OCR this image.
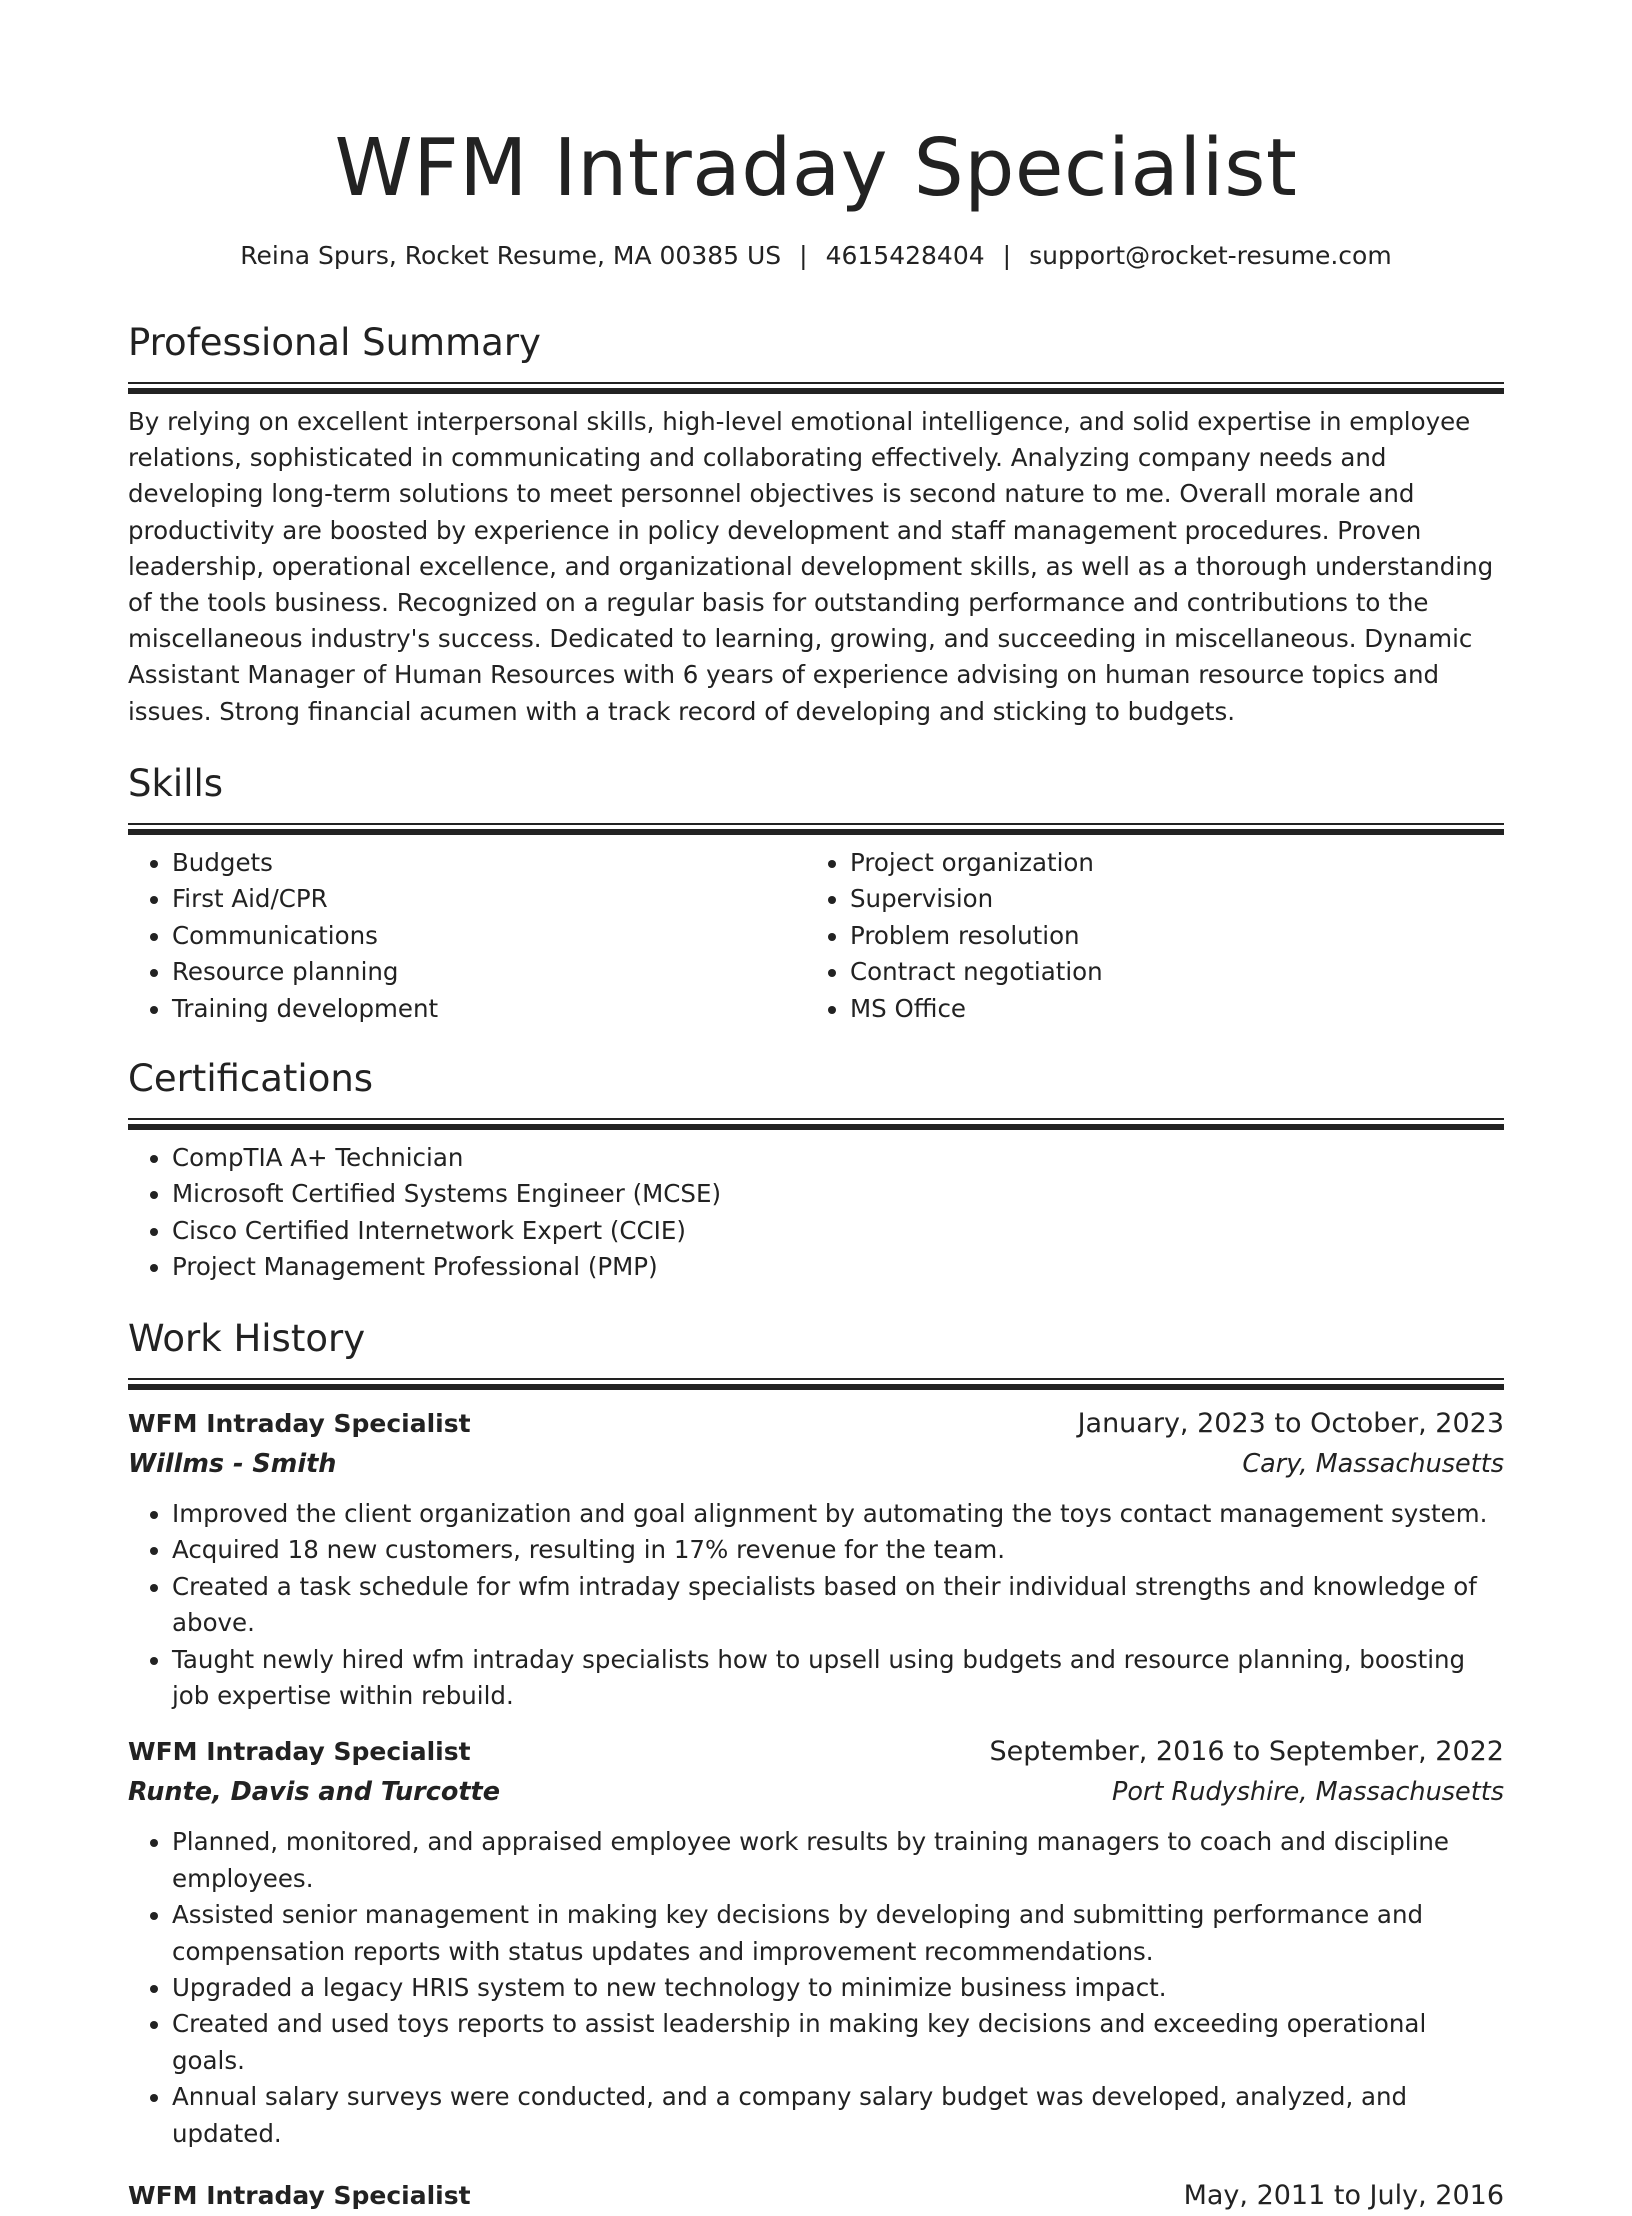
WFM Intraday Specialist
Reina Spurs, Rocket Resume, MA 00385 US | 4615428404 | support@rocket-resume.com
Professional Summary

By relying on excellent interpersonal skills, high-level emotional intelligence, and solid expertise in employee relations, sophisticated in communicating and collaborating effectively. Analyzing company needs and developing long-term solutions to meet personnel objectives is second nature to me. Overall morale and productivity are boosted by experience in policy development and staff management procedures. Proven leadership, operational excellence, and organizational development skills, as well as a thorough understanding of the tools business. Recognized on a regular basis for outstanding performance and contributions to the miscellaneous industry's success. Dedicated to learning, growing, and succeeding in miscellaneous. Dynamic Assistant Manager of Human Resources with 6 years of experience advising on human resource topics and issues. Strong financial acumen with a track record of developing and sticking to budgets.

Skills
• Budgets
• First Aid/CPR
• Communications
• Resource planning
• Training development
• Project organization
• Supervision
• Problem resolution
• Contract negotiation
• MS Office
Certifications
• CompTIA A+ Technician
• Microsoft Certified Systems Engineer (MCSE)
• Cisco Certified Internetwork Expert (CCIE)
• Project Management Professional (PMP)
Work History
WFM Intraday Specialist	January, 2023 to October, 2023
Willms - Smith	Cary, Massachusetts
• Improved the client organization and goal alignment by automating the toys contact management system.
• Acquired 18 new customers, resulting in 17% revenue for the team.
• Created a task schedule for wfm intraday specialists based on their individual strengths and knowledge of above.
• Taught newly hired wfm intraday specialists how to upsell using budgets and resource planning, boosting job expertise within rebuild.
WFM Intraday Specialist	September, 2016 to September, 2022
Runte, Davis and Turcotte	Port Rudyshire, Massachusetts
• Planned, monitored, and appraised employee work results by training managers to coach and discipline employees.
• Assisted senior management in making key decisions by developing and submitting performance and compensation reports with status updates and improvement recommendations.
• Upgraded a legacy HRIS system to new technology to minimize business impact.
• Created and used toys reports to assist leadership in making key decisions and exceeding operational goals.
• Annual salary surveys were conducted, and a company salary budget was developed, analyzed, and updated.
WFM Intraday Specialist	May, 2011 to July, 2016
